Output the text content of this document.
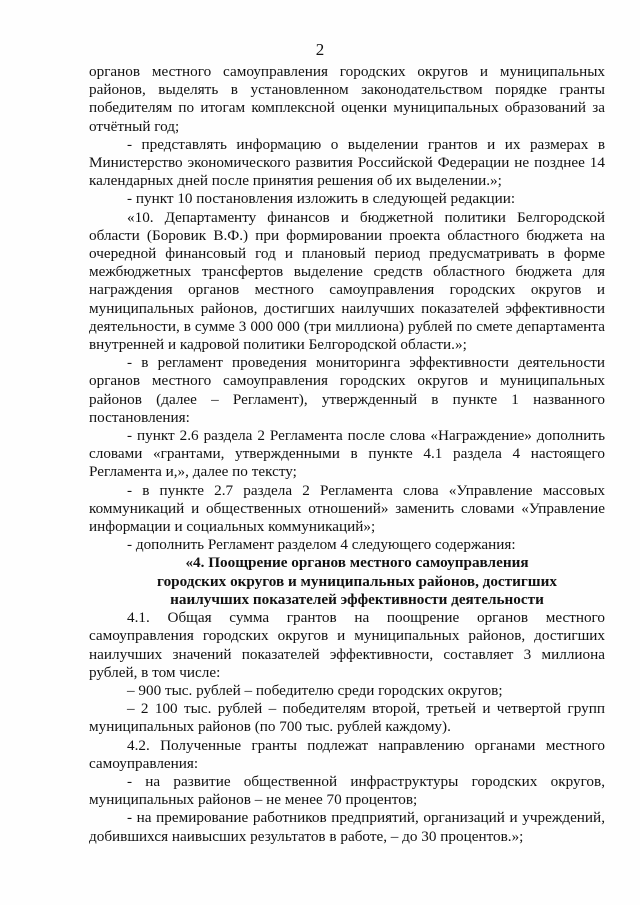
2

органов местного самоуправления городских округов и муниципальных районов, выделять в установленном законодательством порядке гранты победителям по итогам комплексной оценки муниципальных образований за отчётный год;

- представлять информацию о выделении грантов и их размерах в Министерство экономического развития Российской Федерации не позднее 14 календарных дней после принятия решения об их выделении.»;

- пункт 10 постановления изложить в следующей редакции:

«10. Департаменту финансов и бюджетной политики Белгородской области (Боровик В.Ф.) при формировании проекта областного бюджета на очередной финансовый год и плановый период предусматривать в форме межбюджетных трансфертов выделение средств областного бюджета для награждения органов местного самоуправления городских округов и муниципальных районов, достигших наилучших показателей эффективности деятельности, в сумме 3 000 000 (три миллиона) рублей по смете департамента внутренней и кадровой политики Белгородской области.»;

- в регламент проведения мониторинга эффективности деятельности органов местного самоуправления городских округов и муниципальных районов (далее – Регламент), утвержденный в пункте 1 названного постановления:

- пункт 2.6 раздела 2 Регламента после слова «Награждение» дополнить словами «грантами, утвержденными в пункте 4.1 раздела 4 настоящего Регламента и,», далее по тексту;

- в пункте 2.7 раздела 2 Регламента слова «Управление массовых коммуникаций и общественных отношений» заменить словами «Управление информации и социальных коммуникаций»;

- дополнить Регламент разделом 4 следующего содержания:

«4. Поощрение органов местного самоуправления

городских округов и муниципальных районов, достигших

наилучших показателей эффективности деятельности

4.1. Общая сумма грантов на поощрение органов местного самоуправления городских округов и муниципальных районов, достигших наилучших значений показателей эффективности, составляет 3 миллиона рублей, в том числе:

– 900 тыс. рублей – победителю среди городских округов;

– 2 100 тыс. рублей – победителям второй, третьей и четвертой групп муниципальных районов (по 700 тыс. рублей каждому).

4.2. Полученные гранты подлежат направлению органами местного самоуправления:

- на развитие общественной инфраструктуры городских округов, муниципальных районов – не менее 70 процентов;

- на премирование работников предприятий, организаций и учреждений, добившихся наивысших результатов в работе, – до 30 процентов.»;
